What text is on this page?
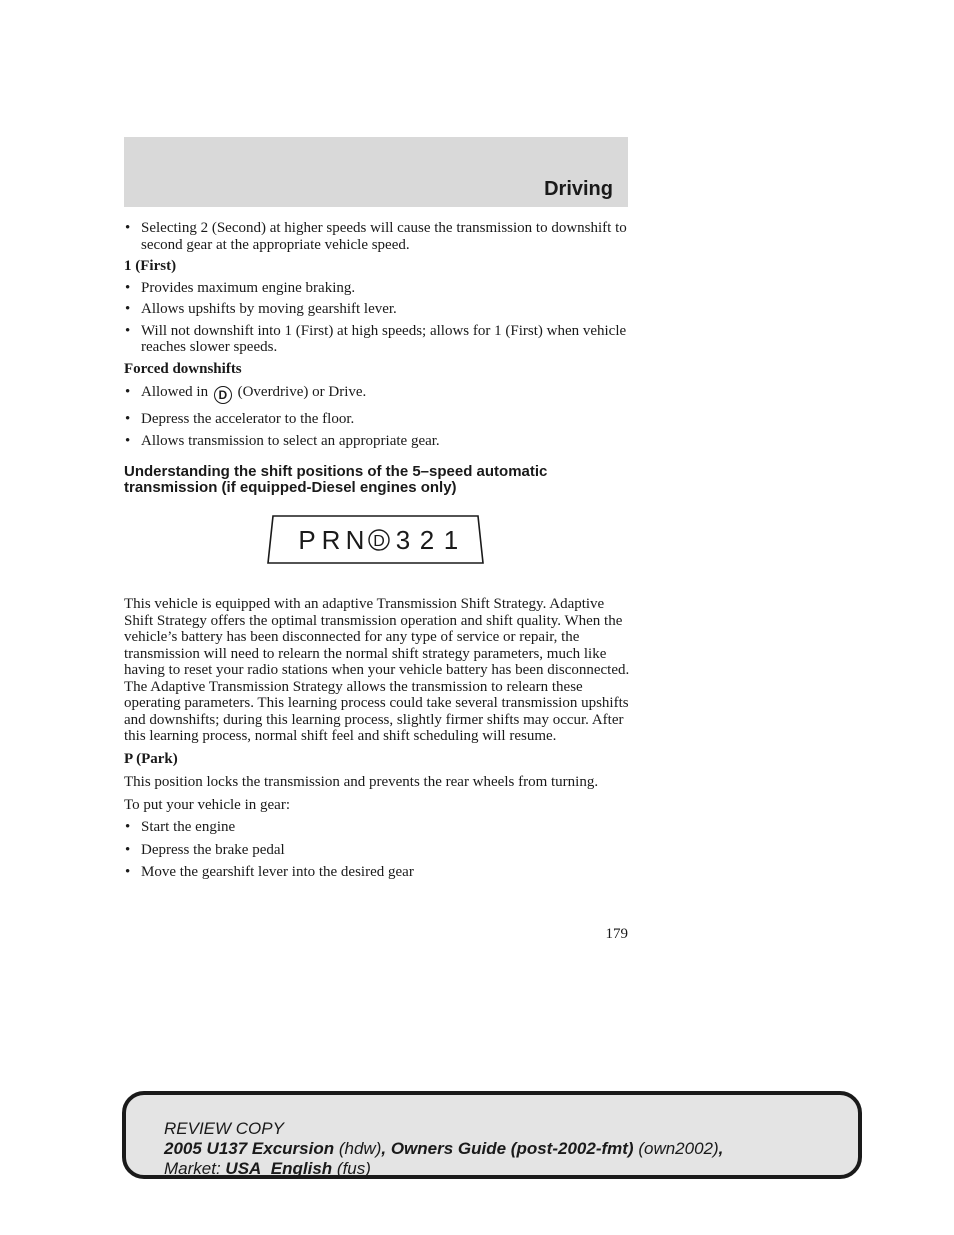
Driving
• Selecting 2 (Second) at higher speeds will cause the transmission to downshift to second gear at the appropriate vehicle speed.
1 (First)
• Provides maximum engine braking.
• Allows upshifts by moving gearshift lever.
• Will not downshift into 1 (First) at high speeds; allows for 1 (First) when vehicle reaches slower speeds.
Forced downshifts
• Allowed in D (Overdrive) or Drive.
• Depress the accelerator to the floor.
• Allows transmission to select an appropriate gear.
Understanding the shift positions of the 5–speed automatic transmission (if equipped-Diesel engines only)
P R N D 3 2 1
This vehicle is equipped with an adaptive Transmission Shift Strategy. Adaptive Shift Strategy offers the optimal transmission operation and shift quality. When the vehicle’s battery has been disconnected for any type of service or repair, the transmission will need to relearn the normal shift strategy parameters, much like having to reset your radio stations when your vehicle battery has been disconnected. The Adaptive Transmission Strategy allows the transmission to relearn these operating parameters. This learning process could take several transmission upshifts and downshifts; during this learning process, slightly firmer shifts may occur. After this learning process, normal shift feel and shift scheduling will resume.
P (Park)
This position locks the transmission and prevents the rear wheels from turning.
To put your vehicle in gear:
• Start the engine
• Depress the brake pedal
• Move the gearshift lever into the desired gear
179
REVIEW COPY
2005 U137 Excursion (hdw), Owners Guide (post-2002-fmt) (own2002),
Market: USA_English (fus)
